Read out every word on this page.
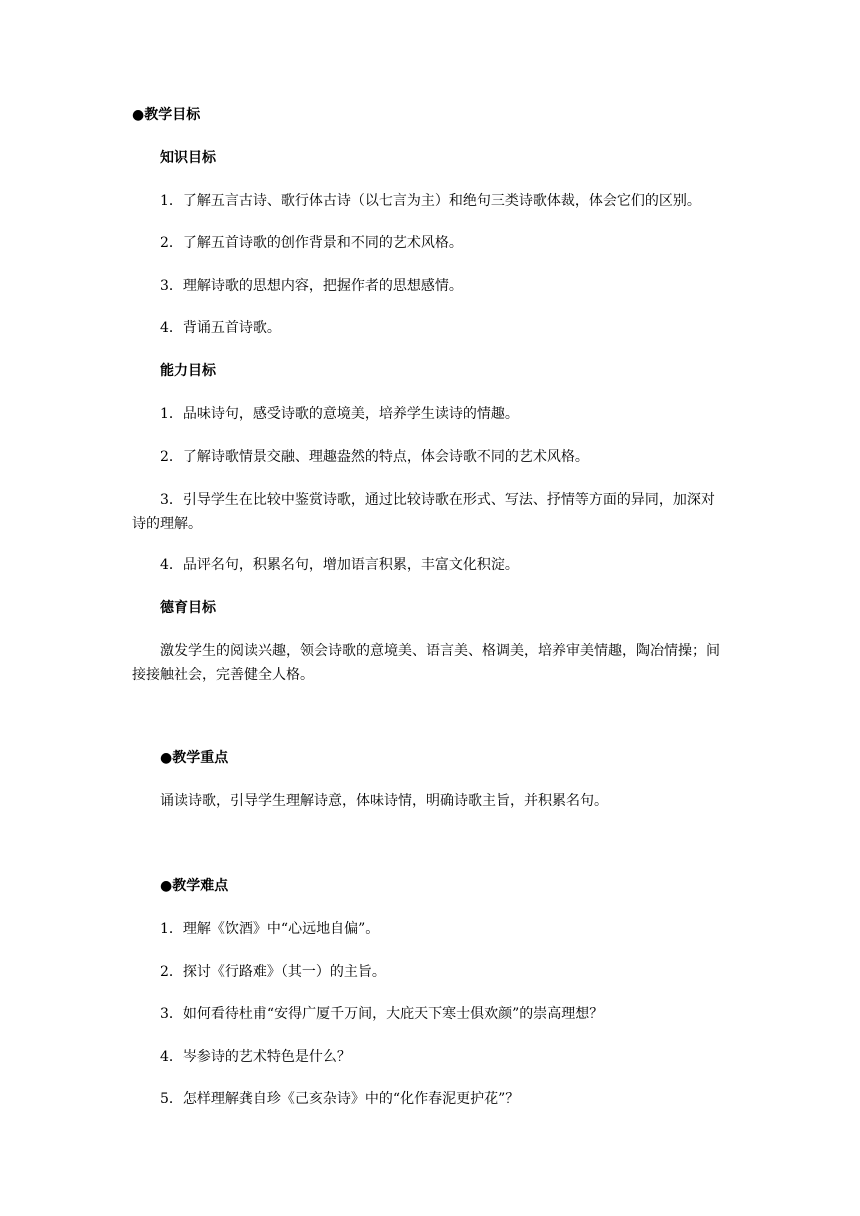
●教学目标
知识目标
1．了解五言古诗、歌行体古诗（以七言为主）和绝句三类诗歌体裁，体会它们的区别。
2．了解五首诗歌的创作背景和不同的艺术风格。
3．理解诗歌的思想内容，把握作者的思想感情。
4．背诵五首诗歌。
能力目标
1．品味诗句，感受诗歌的意境美，培养学生读诗的情趣。
2．了解诗歌情景交融、理趣盎然的特点，体会诗歌不同的艺术风格。
3．引导学生在比较中鉴赏诗歌，通过比较诗歌在形式、写法、抒情等方面的异同，加深对诗的理解。
4．品评名句，积累名句，增加语言积累，丰富文化积淀。
德育目标
激发学生的阅读兴趣，领会诗歌的意境美、语言美、格调美，培养审美情趣，陶冶情操；间接接触社会，完善健全人格。
●教学重点
诵读诗歌，引导学生理解诗意，体味诗情，明确诗歌主旨，并积累名句。
●教学难点
1．理解《饮酒》中“心远地自偏”。
2．探讨《行路难》（其一）的主旨。
3．如何看待杜甫“安得广厦千万间，大庇天下寒士俱欢颜”的崇高理想？
4．岑参诗的艺术特色是什么？
5．怎样理解龚自珍《己亥杂诗》中的“化作春泥更护花”？
